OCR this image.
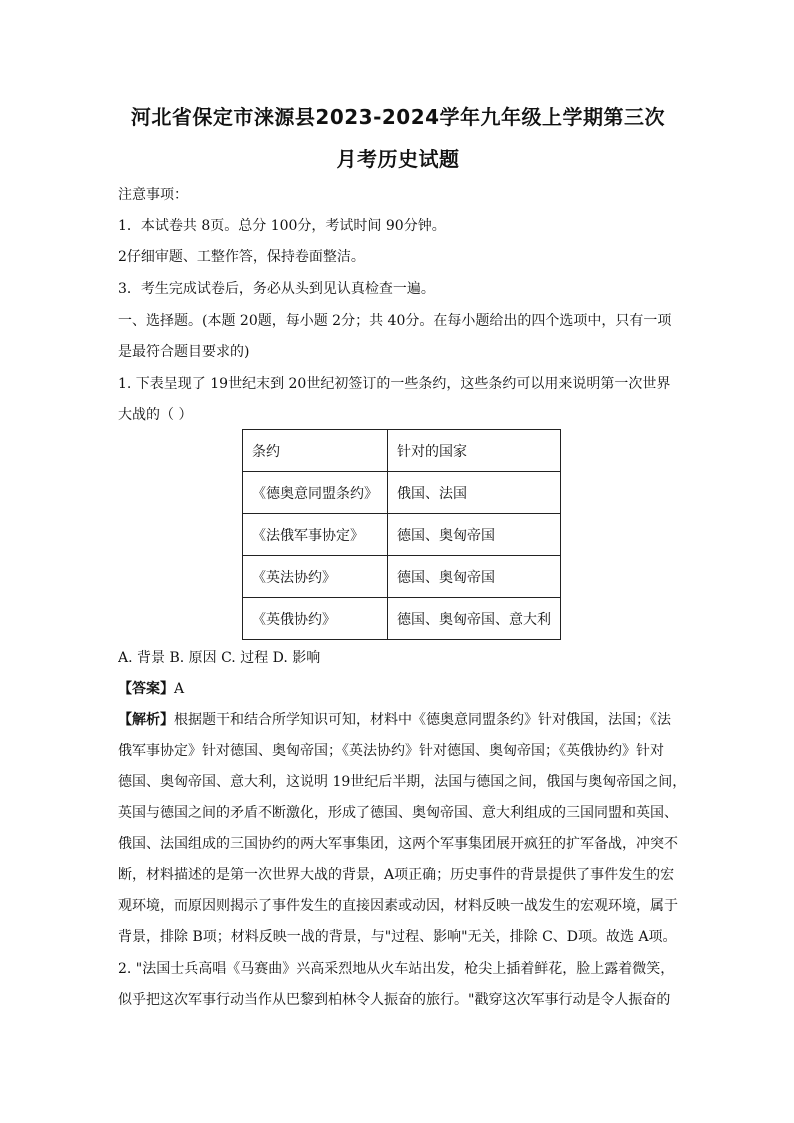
河北省保定市涞源县2023-2024学年九年级上学期第三次
月考历史试题

注意事项：

1．本试卷共 8页。总分 100分，考试时间 90分钟。

2仔细审题、工整作答，保持卷面整洁。

3．考生完成试卷后，务必从头到见认真检查一遍。

一、选择题。(本题 20题，每小题 2分；共 40分。在每小题给出的四个选项中，只有一项

是最符合题目要求的)

1. 下表呈现了 19世纪末到 20世纪初签订的一些条约，这些条约可以用来说明第一次世界

大战的（ ）

条约	针对的国家
《德奥意同盟条约》	俄国、法国
《法俄军事协定》	德国、奥匈帝国
《英法协约》	德国、奥匈帝国
《英俄协约》	德国、奥匈帝国、意大利

A. 背景 B. 原因 C. 过程 D. 影响

【答案】A

【解析】根据题干和结合所学知识可知，材料中《德奥意同盟条约》针对俄国，法国；《法

俄军事协定》针对德国、奥匈帝国；《英法协约》针对德国、奥匈帝国；《英俄协约》针对

德国、奥匈帝国、意大利，这说明 19世纪后半期，法国与德国之间，俄国与奥匈帝国之间，

英国与德国之间的矛盾不断激化，形成了德国、奥匈帝国、意大利组成的三国同盟和英国、

俄国、法国组成的三国协约的两大军事集团，这两个军事集团展开疯狂的扩军备战，冲突不

断，材料描述的是第一次世界大战的背景，A项正确；历史事件的背景提供了事件发生的宏

观环境，而原因则揭示了事件发生的直接因素或动因，材料反映一战发生的宏观环境，属于

背景，排除 B项；材料反映一战的背景，与"过程、影响"无关，排除 C、D项。故选 A项。

2. "法国士兵高唱《马赛曲》兴高采烈地从火车站出发，枪尖上插着鲜花，脸上露着微笑，

似乎把这次军事行动当作从巴黎到柏林令人振奋的旅行。"戳穿这次军事行动是令人振奋的
